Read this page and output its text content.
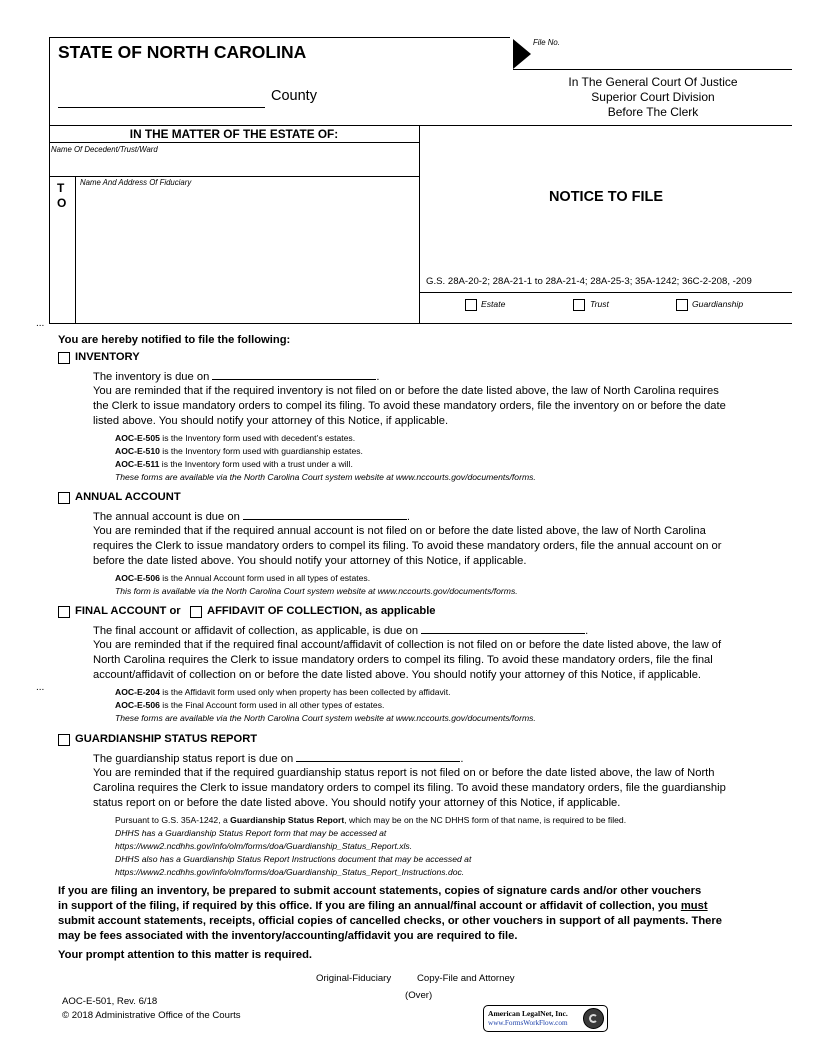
STATE OF NORTH CAROLINA
County
File No.
In The General Court Of Justice
Superior Court Division
Before The Clerk
IN THE MATTER OF THE ESTATE OF:
Name Of Decedent/Trust/Ward
T
O
Name And Address Of Fiduciary
NOTICE TO FILE
G.S. 28A-20-2; 28A-21-1 to 28A-21-4; 28A-25-3; 35A-1242; 36C-2-208, -209
Estate	Trust	Guardianship
...
...
You are hereby notified to file the following:
INVENTORY
The inventory is due on	.
You are reminded that if the required inventory is not filed on or before the date listed above, the law of North Carolina requires
the Clerk to issue mandatory orders to compel its filing. To avoid these mandatory orders, file the inventory on or before the date
listed above. You should notify your attorney of this Notice, if applicable.
AOC-E-505 is the Inventory form used with decedent’s estates.
AOC-E-510 is the Inventory form used with guardianship estates.
AOC-E-511 is the Inventory form used with a trust under a will.
These forms are available via the North Carolina Court system website at www.nccourts.gov/documents/forms.
ANNUAL ACCOUNT
The annual account is due on	.
You are reminded that if the required annual account is not filed on or before the date listed above, the law of North Carolina
requires the Clerk to issue mandatory orders to compel its filing. To avoid these mandatory orders, file the annual account on or
before the date listed above. You should notify your attorney of this Notice, if applicable.
AOC-E-506 is the Annual Account form used in all types of estates.
This form is available via the North Carolina Court system website at www.nccourts.gov/documents/forms.
FINAL ACCOUNT or AFFIDAVIT OF COLLECTION, as applicable
The final account or affidavit of collection, as applicable, is due on	.
You are reminded that if the required final account/affidavit of collection is not filed on or before the date listed above, the law of
North Carolina requires the Clerk to issue mandatory orders to compel its filing. To avoid these mandatory orders, file the final
account/affidavit of collection on or before the date listed above. You should notify your attorney of this Notice, if applicable.
AOC-E-204 is the Affidavit form used only when property has been collected by affidavit.
AOC-E-506 is the Final Account form used in all other types of estates.
These forms are available via the North Carolina Court system website at www.nccourts.gov/documents/forms.
GUARDIANSHIP STATUS REPORT
The guardianship status report is due on	.
You are reminded that if the required guardianship status report is not filed on or before the date listed above, the law of North
Carolina requires the Clerk to issue mandatory orders to compel its filing. To avoid these mandatory orders, file the guardianship
status report on or before the date listed above. You should notify your attorney of this Notice, if applicable.
Pursuant to G.S. 35A-1242, a Guardianship Status Report, which may be on the NC DHHS form of that name, is required to be filed.
DHHS has a Guardianship Status Report form that may be accessed at
https://www2.ncdhhs.gov/info/olm/forms/doa/Guardianship_Status_Report.xls.
DHHS also has a Guardianship Status Report Instructions document that may be accessed at
https://www2.ncdhhs.gov/info/olm/forms/doa/Guardianship_Status_Report_Instructions.doc.
If you are filing an inventory, be prepared to submit account statements, copies of signature cards and/or other vouchers
in support of the filing, if required by this office. If you are filing an annual/final account or affidavit of collection, you must
submit account statements, receipts, official copies of cancelled checks, or other vouchers in support of all payments. There
may be fees associated with the inventory/accounting/affidavit you are required to file.
Your prompt attention to this matter is required.
Original-Fiduciary	Copy-File and Attorney
(Over)
AOC-E-501, Rev. 6/18
© 2018 Administrative Office of the Courts	American LegalNet, Inc.
www.FormsWorkFlow.com
